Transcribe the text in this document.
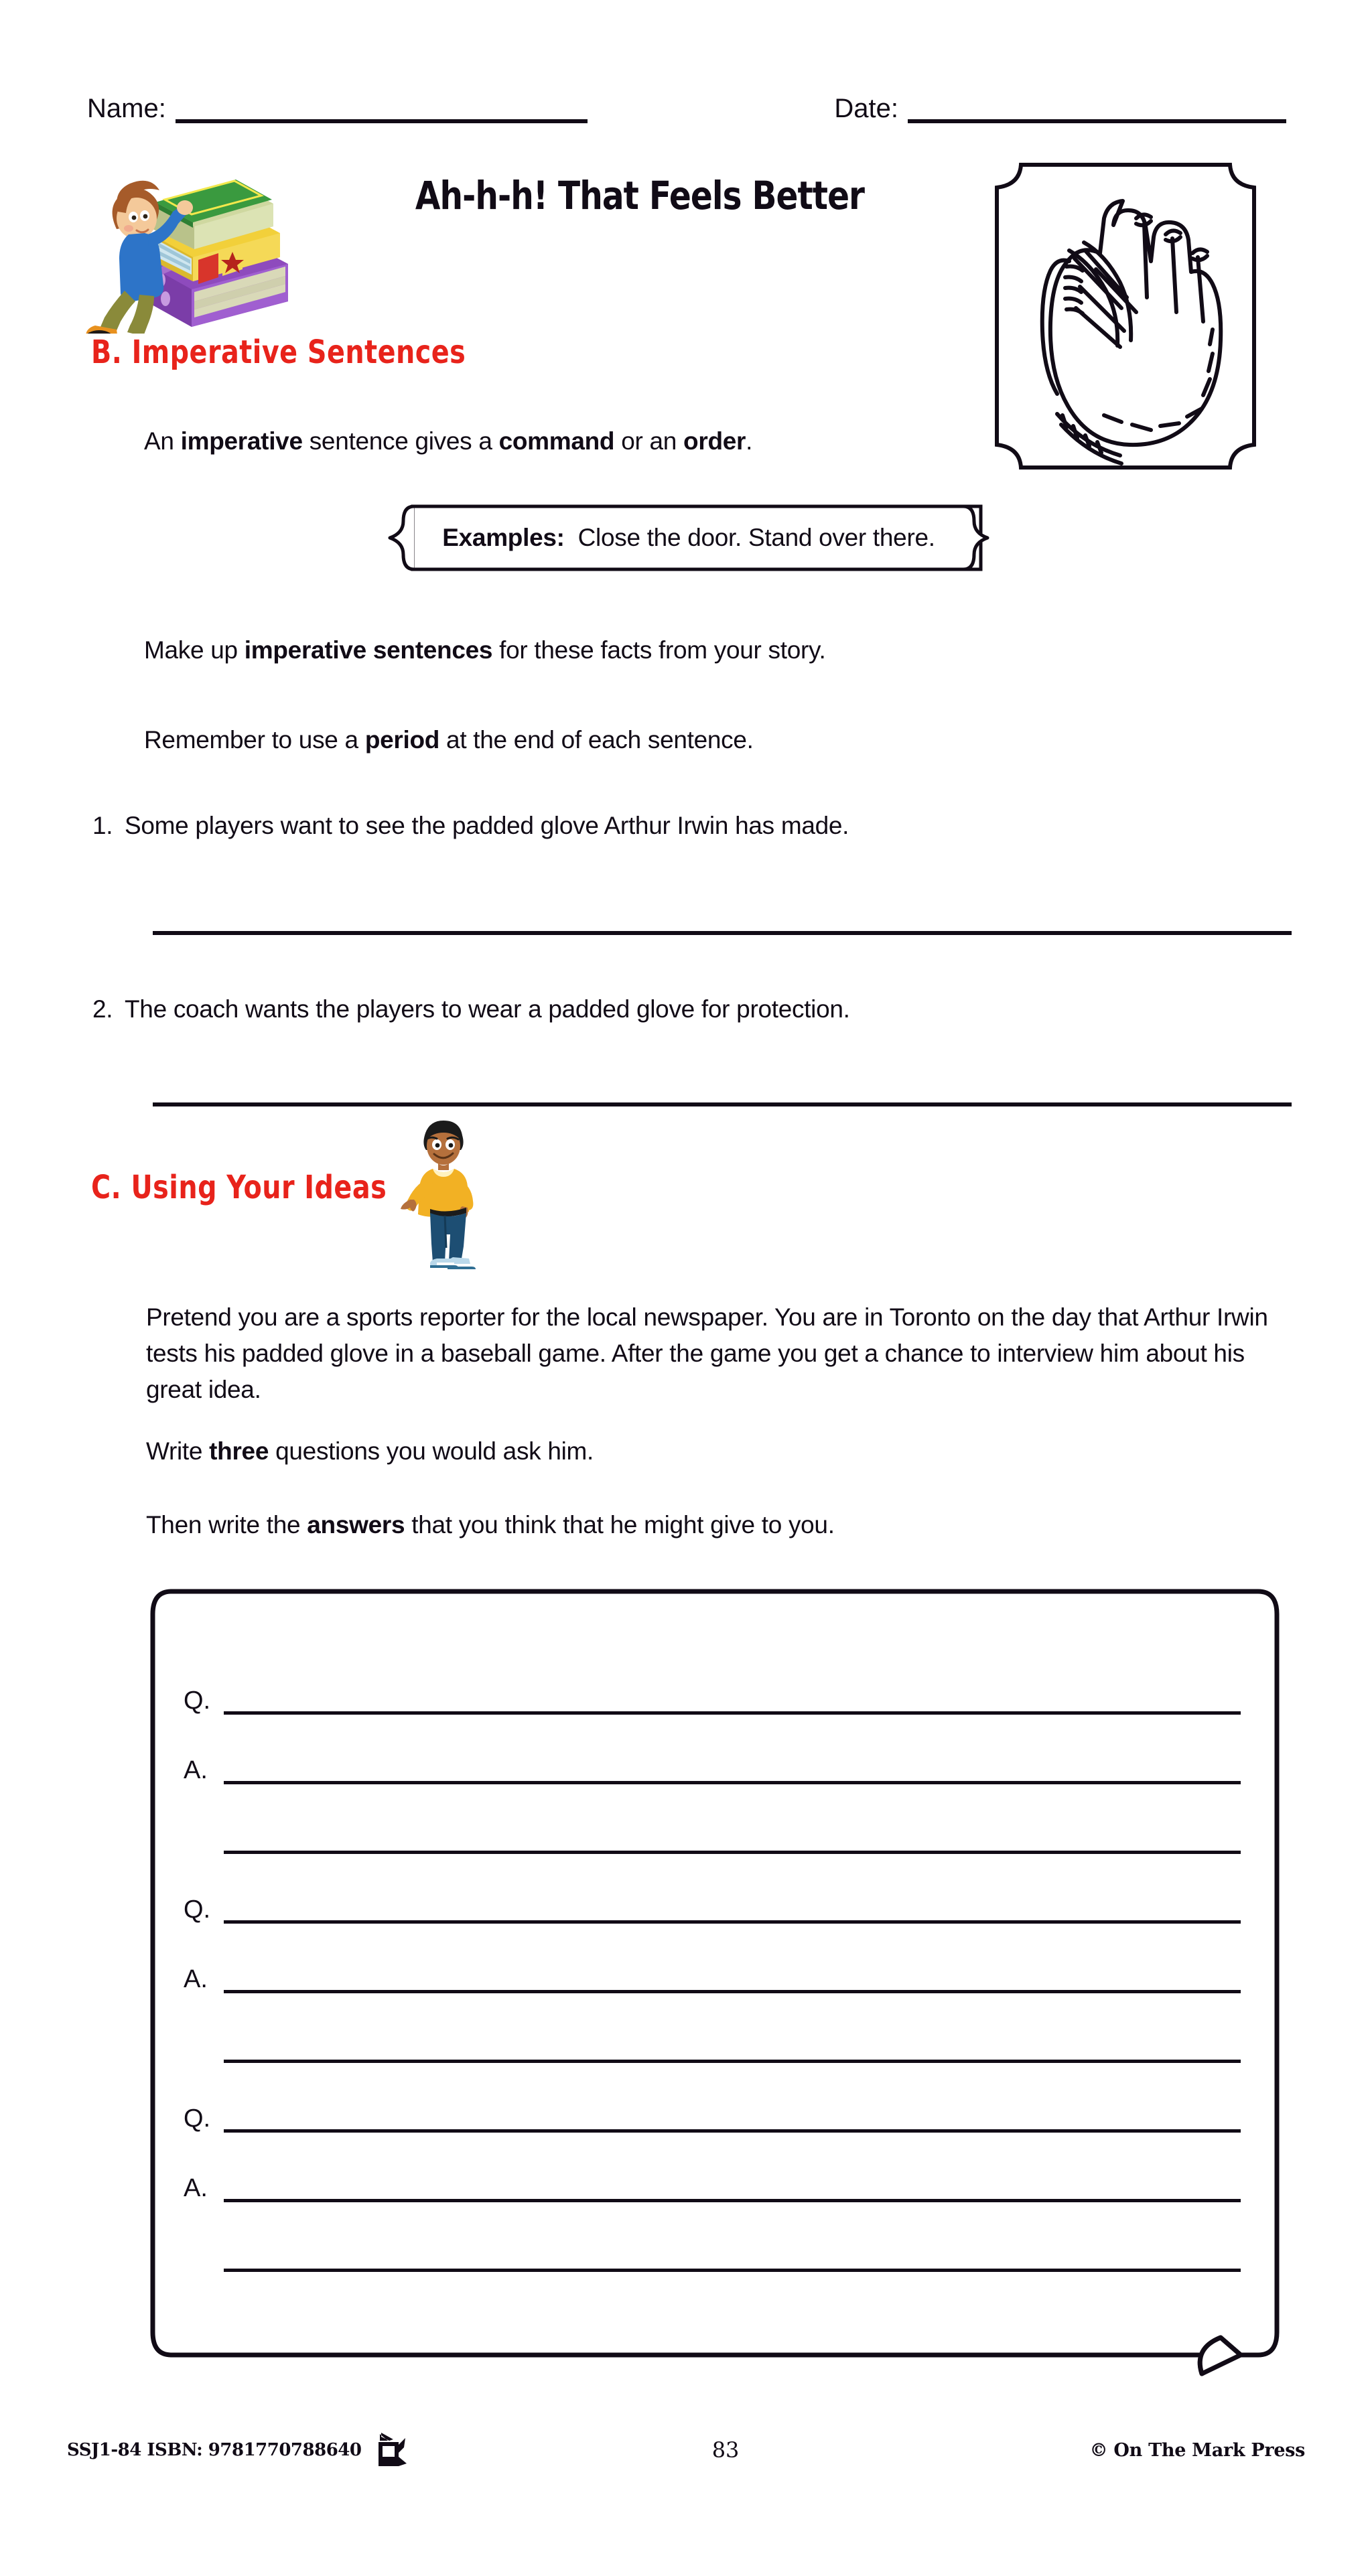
Name:	Date:
Ah-h-h! That Feels Better
B. Imperative Sentences
An imperative sentence gives a command or an order.
Examples:
Close the door. Stand over there.
Make up imperative sentences for these facts from your story.
Remember to use a period at the end of each sentence.
1. Some players want to see the padded glove Arthur Irwin has made.
2. The coach wants the players to wear a padded glove for protection.
C. Using Your Ideas
Pretend you are a sports reporter for the local newspaper. You are in Toronto on the day that Arthur Irwin tests his padded glove in a baseball game. After the game you get a chance to interview him about his great idea.
Write three questions you would ask him.
Then write the answers that you think that he might give to you.
Q.
A.
Q.
A.
Q.
A.
SSJ1-84 ISBN: 9781770788640	83	© On The Mark Press
